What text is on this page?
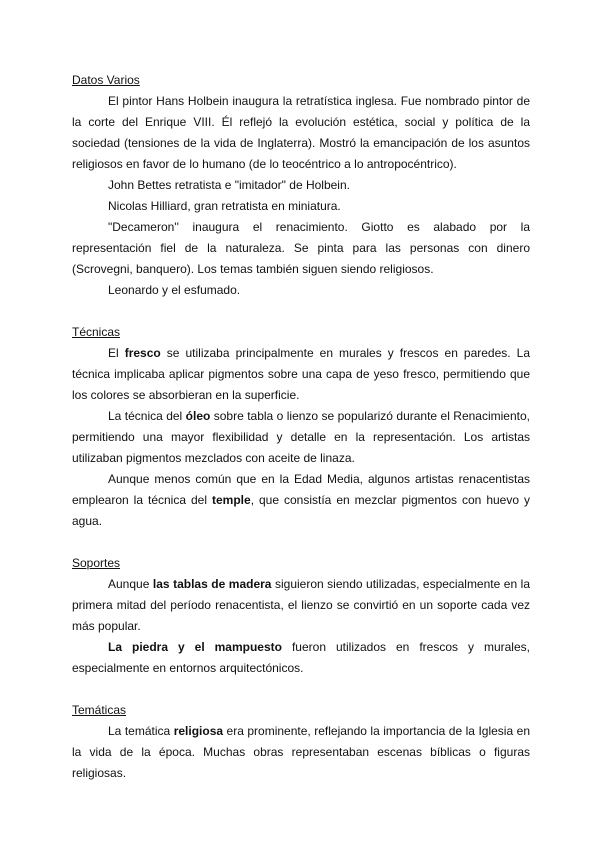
Datos Varios

El pintor Hans Holbein inaugura la retratística inglesa. Fue nombrado pintor de la corte del Enrique VIII. Él reflejó la evolución estética, social y política de la sociedad (tensiones de la vida de Inglaterra). Mostró la emancipación de los asuntos religiosos en favor de lo humano (de lo teocéntrico a lo antropocéntrico).

John Bettes retratista e "imitador" de Holbein.

Nicolas Hilliard, gran retratista en miniatura.

"Decameron'' inaugura el renacimiento. Giotto es alabado por la representación fiel de la naturaleza. Se pinta para las personas con dinero (Scrovegni, banquero). Los temas también siguen siendo religiosos.

Leonardo y el esfumado.

Técnicas

El fresco se utilizaba principalmente en murales y frescos en paredes. La técnica implicaba aplicar pigmentos sobre una capa de yeso fresco, permitiendo que los colores se absorbieran en la superficie.

La técnica del óleo sobre tabla o lienzo se popularizó durante el Renacimiento, permitiendo una mayor flexibilidad y detalle en la representación. Los artistas utilizaban pigmentos mezclados con aceite de linaza.

Aunque menos común que en la Edad Media, algunos artistas renacentistas emplearon la técnica del temple, que consistía en mezclar pigmentos con huevo y agua.

Soportes

Aunque las tablas de madera siguieron siendo utilizadas, especialmente en la primera mitad del período renacentista, el lienzo se convirtió en un soporte cada vez más popular.

La piedra y el mampuesto fueron utilizados en frescos y murales, especialmente en entornos arquitectónicos.

Temáticas

La temática religiosa era prominente, reflejando la importancia de la Iglesia en la vida de la época. Muchas obras representaban escenas bíblicas o figuras religiosas.
